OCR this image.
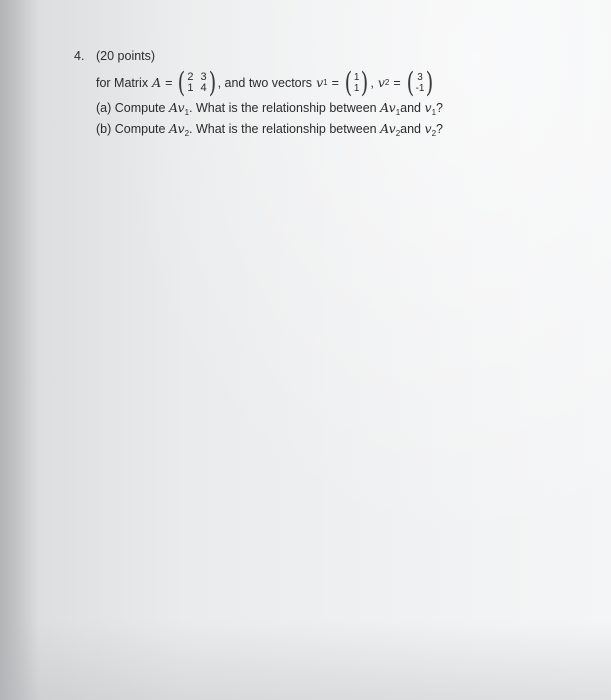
4. (20 points)
for Matrix A = ( 2 3
1 4 ) , and two vectors v 1 = ( 1
1 ) , v 2 = ( 3
-1 )
(a) Compute $Av_1$. What is the relationship between $Av_1and$ $v_1$?
(b) Compute $Av_2$. What is the relationship between $Av_2and$ $v_2$?
